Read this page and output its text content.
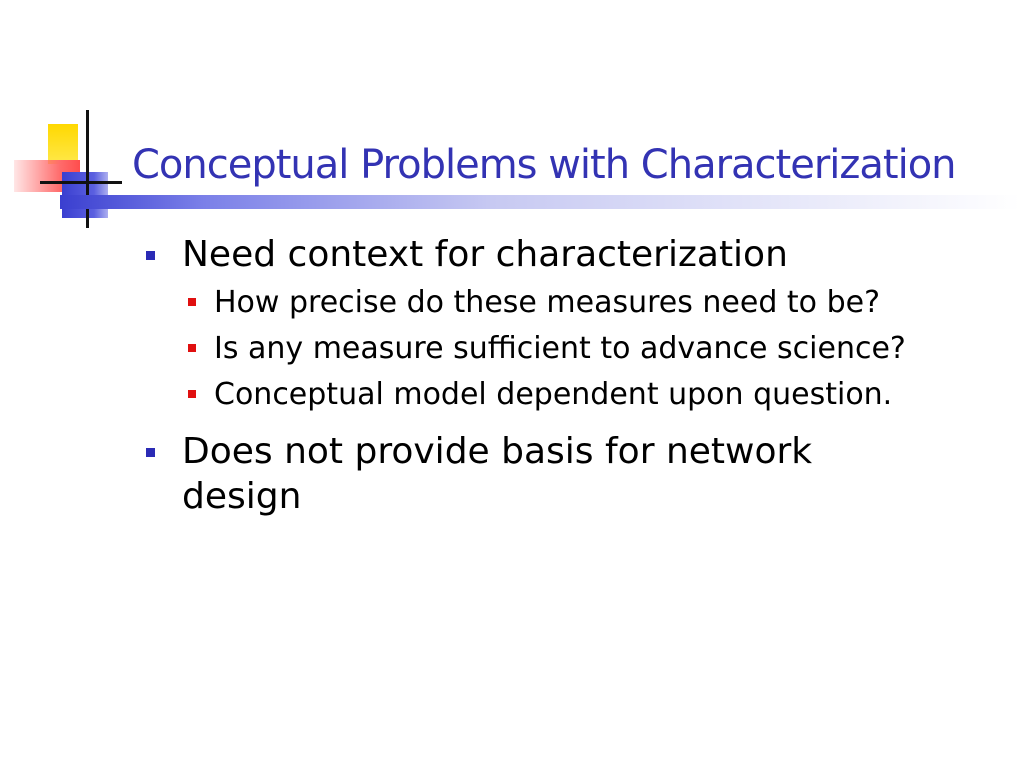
Conceptual Problems with Characterization
Need context for characterization
How precise do these measures need to be?
Is any measure sufficient to advance science?
Conceptual model dependent upon question.
Does not provide basis for network design
